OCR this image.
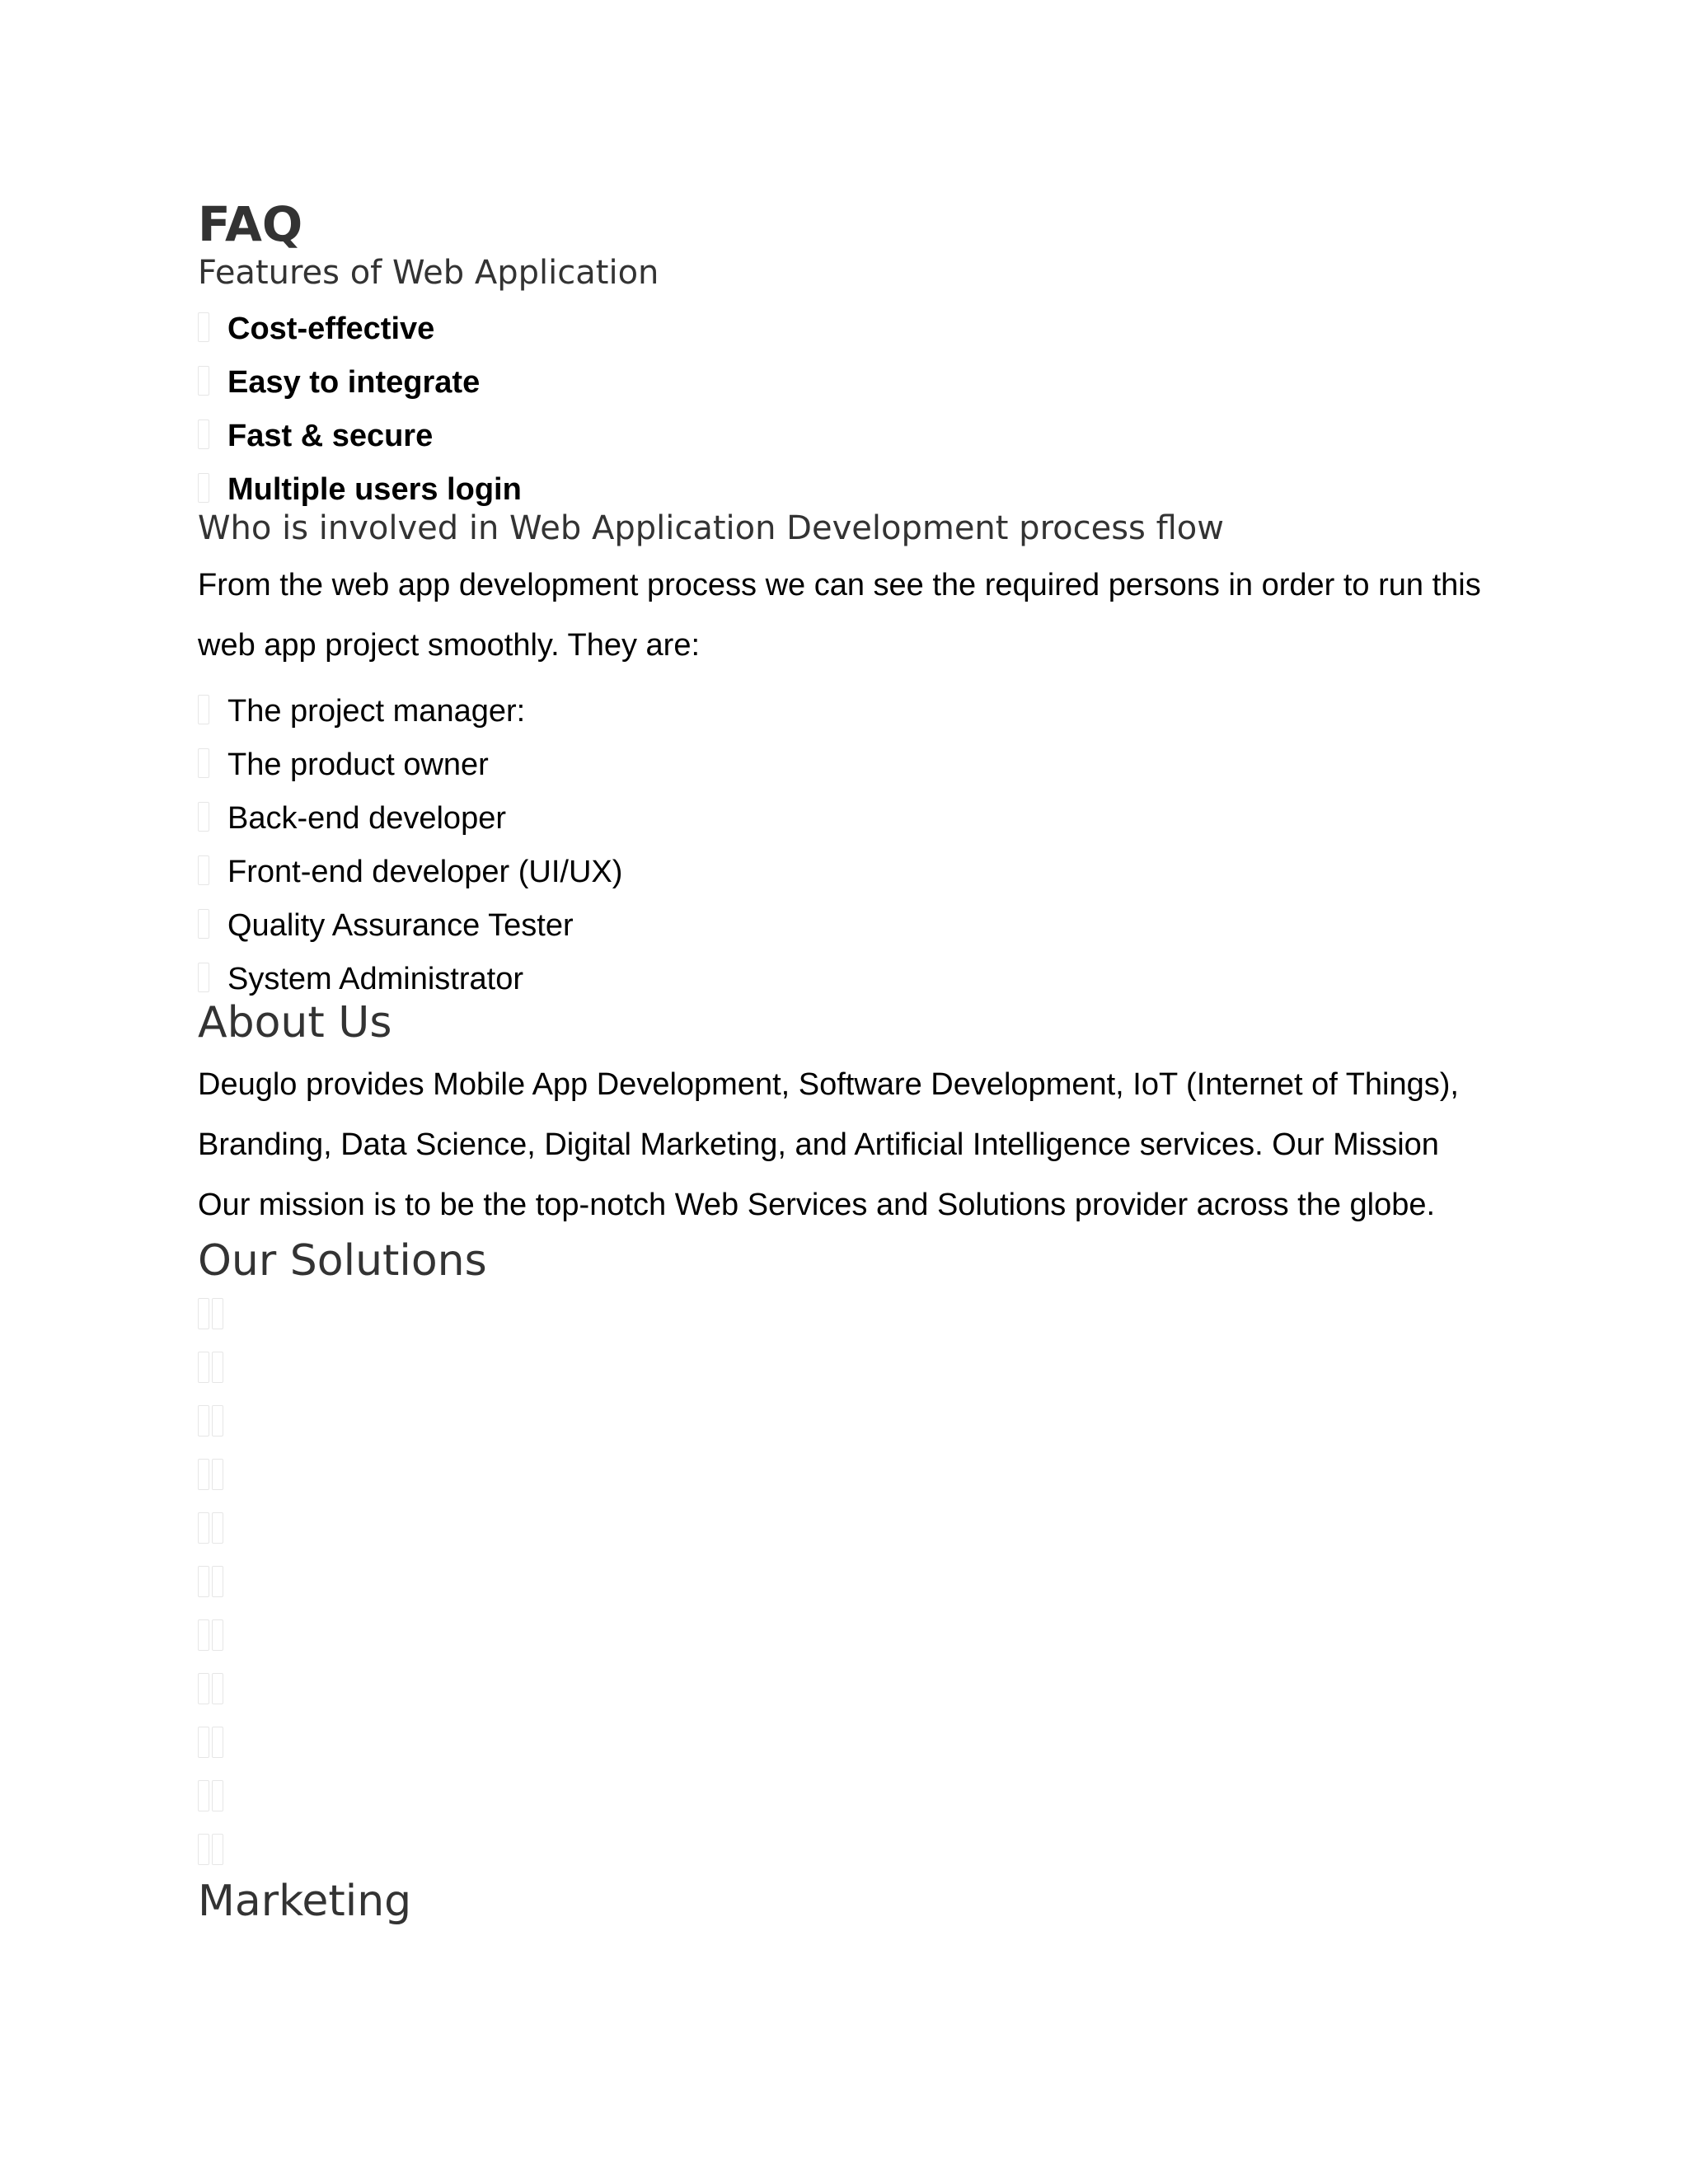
FAQ
Features of Web Application
Cost-effective
Easy to integrate
Fast & secure
Multiple users login
Who is involved in Web Application Development process flow

From the web app development process we can see the required persons in order to run this web app project smoothly. They are:

The project manager:
The product owner
Back-end developer
Front-end developer (UI/UX)
Quality Assurance Tester
System Administrator
About Us

Deuglo provides Mobile App Development, Software Development, IoT (Internet of Things), Branding, Data Science, Digital Marketing, and Artificial Intelligence services. Our Mission Our mission is to be the top-notch Web Services and Solutions provider across the globe.

Our Solutions
Marketing
